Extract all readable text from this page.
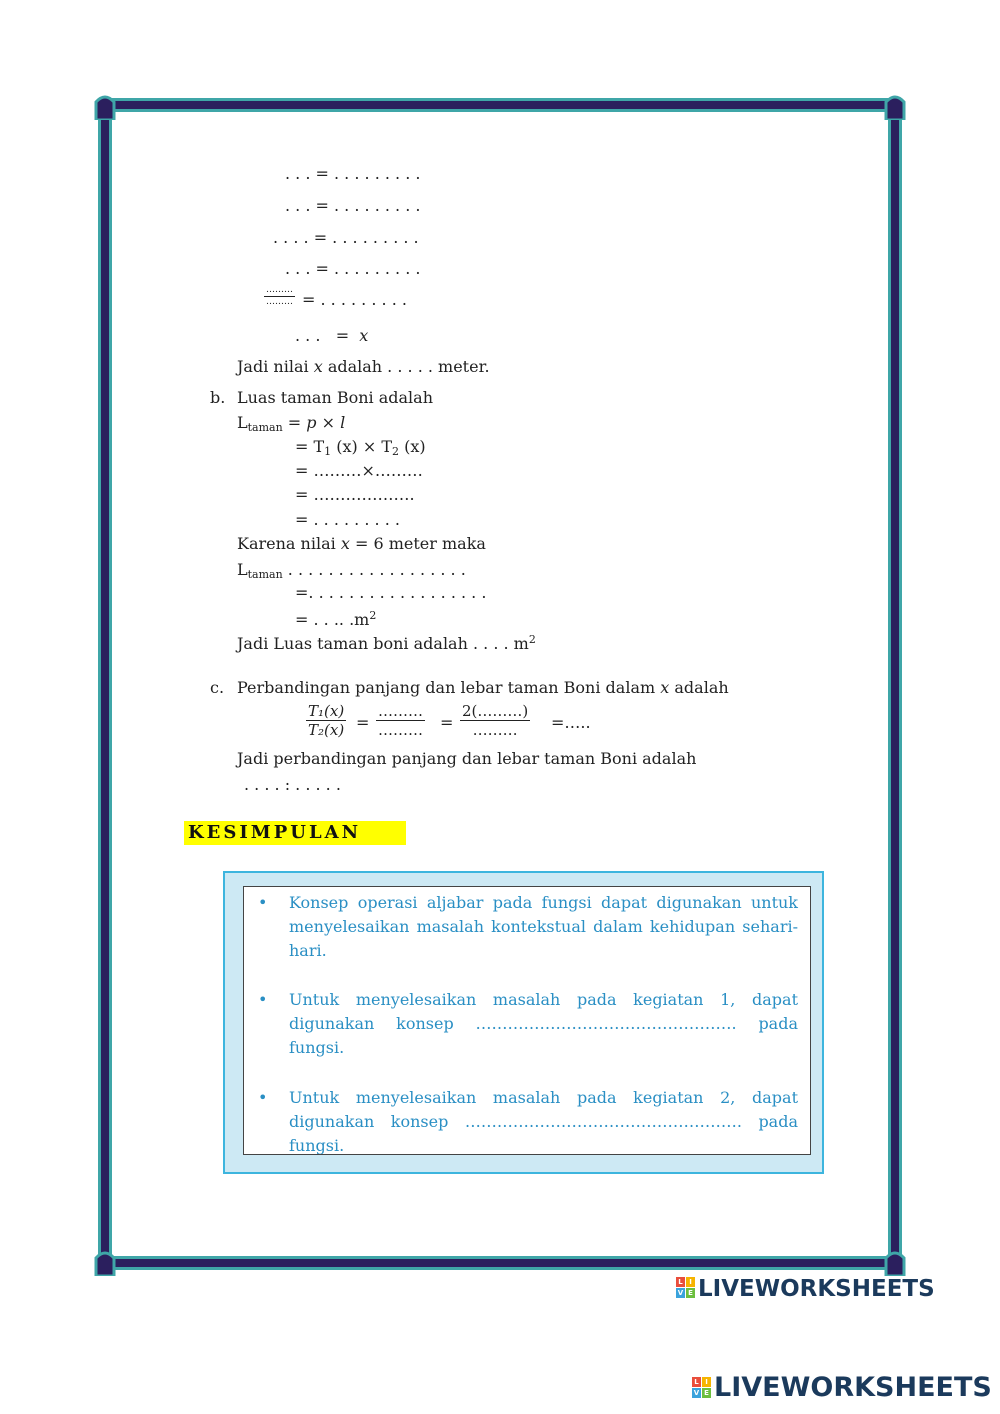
. . . = . . . . . . . . .
. . . = . . . . . . . . .
. . . . = . . . . . . . . .
. . . = . . . . . . . . .
………
……… = . . . . . . . . .
. . . = x
Jadi nilai x adalah . . . . . meter.
b. Luas taman Boni adalah
$L_{taman} = p \times l$
= $T_1$ $(x) \times T_2$ (x)
= ………×………
= ……………….
= . . . . . . . . .
Karena nilai x = 6 meter maka
$L_{taman}$ . . . . . . . . . . . . . . . . . .
=. . . . . . . . . . . . . . . . . .
= . . .. $.m^2$
Jadi Luas taman boni adalah . . . . $m^2$
c. Perbandingan panjang dan lebar taman Boni dalam x adalah
$\frac{\text{T₁(x)}}{\text{T₂(x)}}$ =
………
……… =
2(………)
………	=…..
Jadi perbandingan panjang dan lebar taman Boni adalah
. . . . : . . . . .
KESIMPULAN
• Konsep operasi aljabar pada fungsi dapat digunakan untuk menyelesaikan masalah kontekstual dalam kehidupan sehari-hari.
• Untuk menyelesaikan masalah pada kegiatan 1, dapat digunakan konsep …………………………………………. pada fungsi.
• Untuk menyelesaikan masalah pada kegiatan 2, dapat digunakan konsep ……………………………………………. pada fungsi.
L I
V E LIVEWORKSHEETS
L I
V E LIVEWORKSHEETS
